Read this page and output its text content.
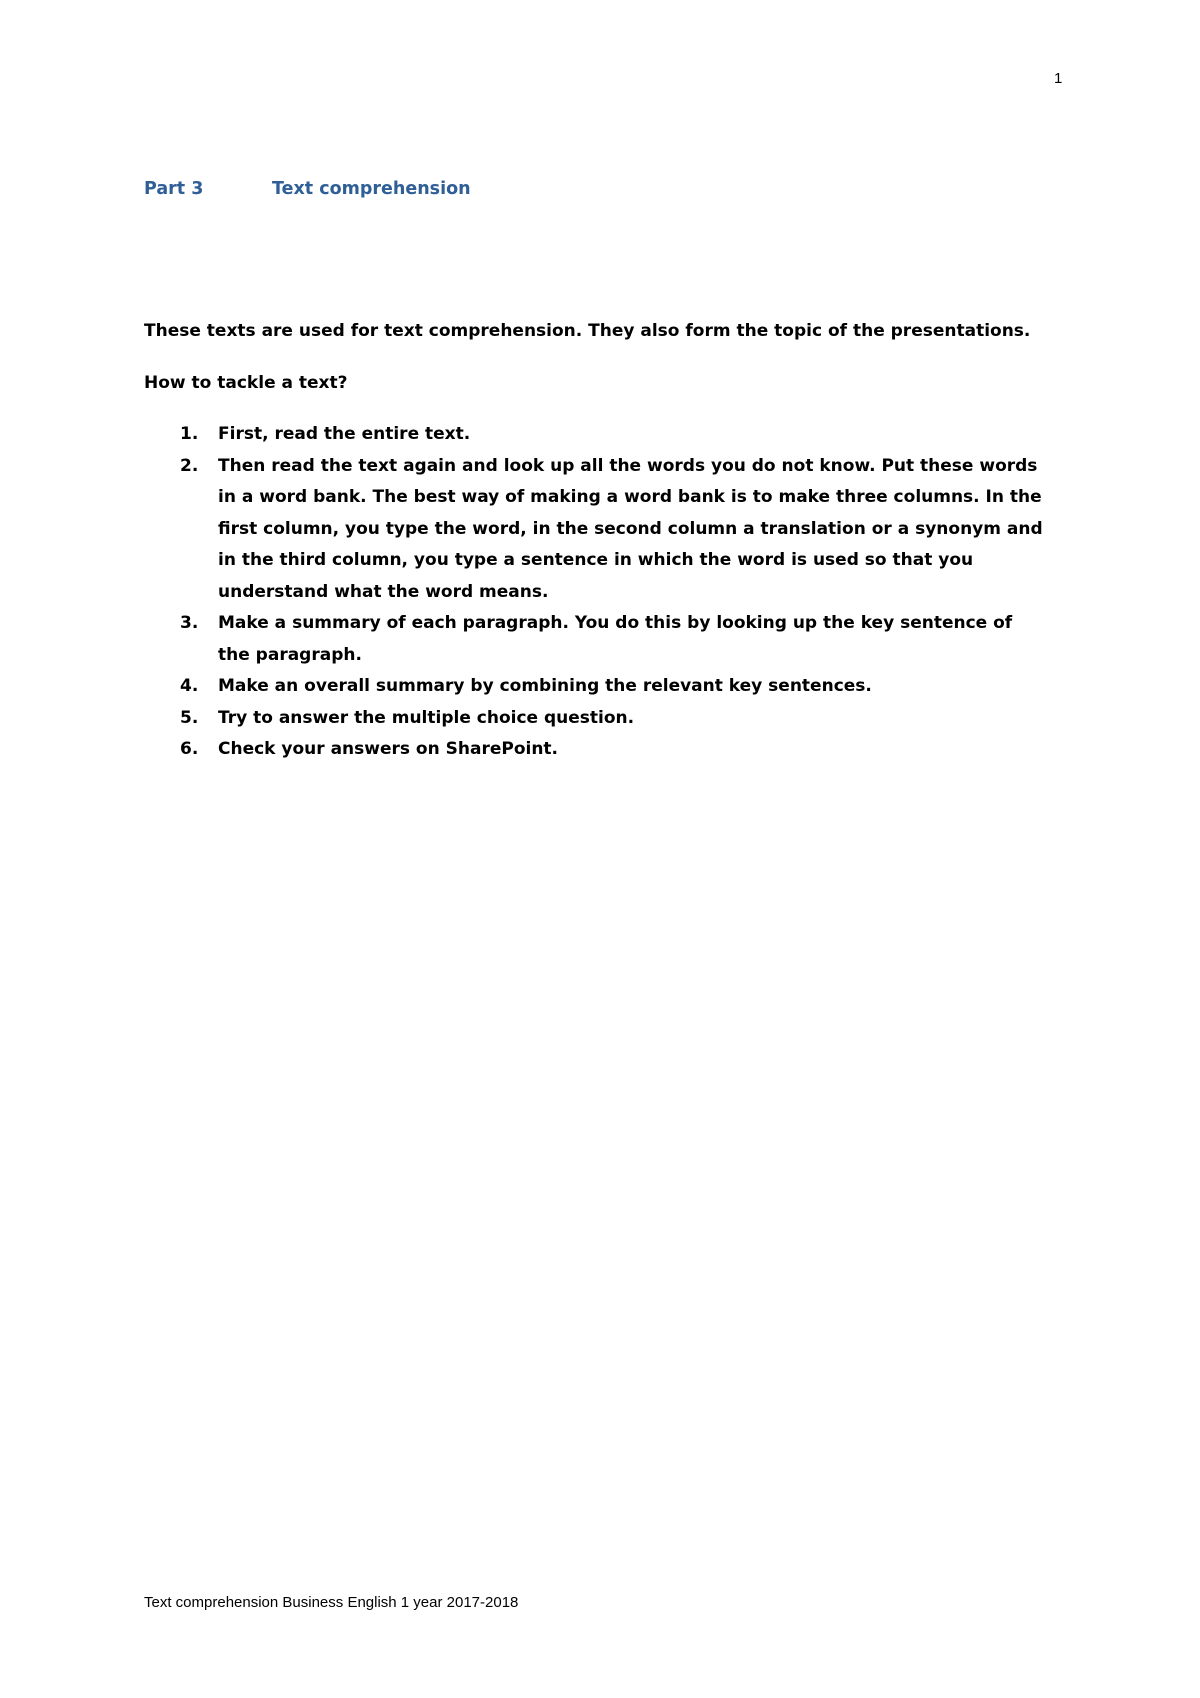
1
Part 3	Text comprehension

These texts are used for text comprehension. They also form the topic of the presentations.

How to tackle a text?

1. First, read the entire text.
2. Then read the text again and look up all the words you do not know. Put these words in a word bank. The best way of making a word bank is to make three columns. In the first column, you type the word, in the second column a translation or a synonym and in the third column, you type a sentence in which the word is used so that you understand what the word means.
3. Make a summary of each paragraph. You do this by looking up the key sentence of the paragraph.
4. Make an overall summary by combining the relevant key sentences.
5. Try to answer the multiple choice question.
6. Check your answers on SharePoint.
Text comprehension Business English 1 year 2017-2018
